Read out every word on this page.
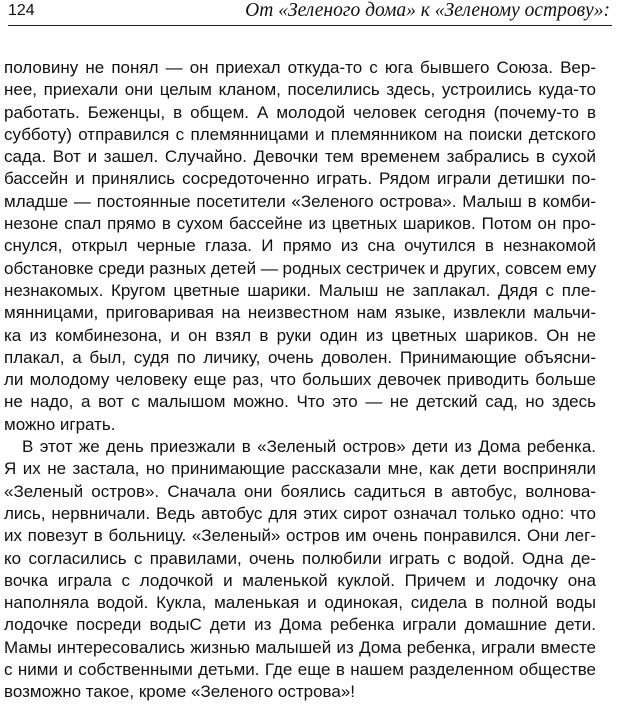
124	От «Зеленого дома» к «Зеленому острову»:
половину не понял — он приехал откуда-то с юга бывшего Союза. Вер-
нее, приехали они целым кланом, поселились здесь, устроились куда-то
работать. Беженцы, в общем. А молодой человек сегодня (почему-то в
субботу) отправился с племянницами и племянником на поиски детского
сада. Вот и зашел. Случайно. Девочки тем временем забрались в сухой
бассейн и принялись сосредоточенно играть. Рядом играли детишки по-
младше — постоянные посетители «Зеленого острова». Малыш в комби-
незоне спал прямо в сухом бассейне из цветных шариков. Потом он про-
снулся, открыл черные глаза. И прямо из сна очутился в незнакомой
обстановке среди разных детей — родных сестричек и других, совсем ему
незнакомых. Кругом цветные шарики. Малыш не заплакал. Дядя с пле-
мянницами, приговаривая на неизвестном нам языке, извлекли мальчи-
ка из комбинезона, и он взял в руки один из цветных шариков. Он не
плакал, а был, судя по личику, очень доволен. Принимающие объясни-
ли молодому человеку еще раз, что больших девочек приводить больше
не надо, а вот с малышом можно. Что это — не детский сад, но здесь
можно играть.
В этот же день приезжали в «Зеленый остров» дети из Дома ребенка.
Я их не застала, но принимающие рассказали мне, как дети восприняли
«Зеленый остров». Сначала они боялись садиться в автобус, волнова-
лись, нервничали. Ведь автобус для этих сирот означал только одно: что
их повезут в больницу. «Зеленый» остров им очень понравился. Они лег-
ко согласились с правилами, очень полюбили играть с водой. Одна де-
вочка играла с лодочкой и маленькой куклой. Причем и лодочку она
наполняла водой. Кукла, маленькая и одинокая, сидела в полной воды
лодочке посреди водыС дети из Дома ребенка играли домашние дети.
Мамы интересовались жизнью малышей из Дома ребенка, играли вместе
с ними и собственными детьми. Где еще в нашем разделенном обществе
возможно такое, кроме «Зеленого острова»!
